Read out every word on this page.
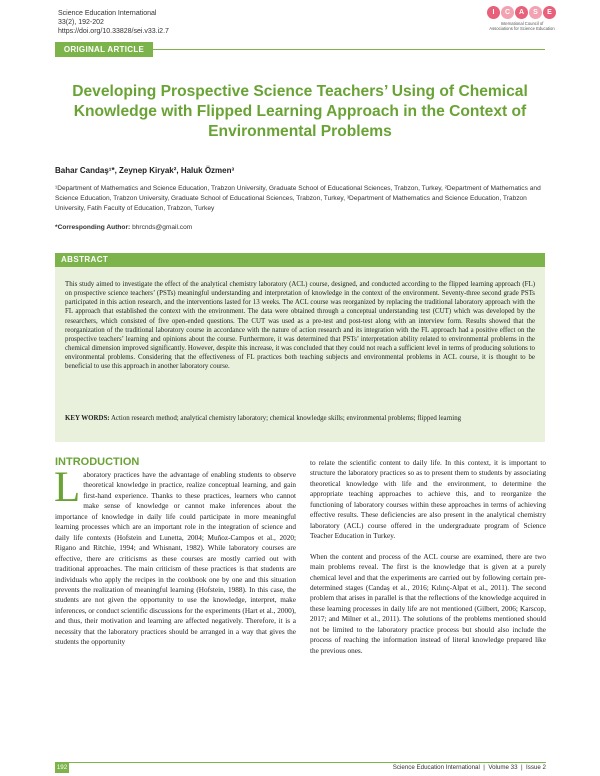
Science Education International
33(2), 192-202
https://doi.org/10.33828/sei.v33.i2.7
I	C	A	S	E
International Council of
Associations for Science Education
ORIGINAL ARTICLE
Developing Prospective Science Teachers’ Using of Chemical Knowledge with Flipped Learning Approach in the Context of Environmental Problems
Bahar Candaş¹*, Zeynep Kiryak², Haluk Özmen³
¹Department of Mathematics and Science Education, Trabzon University, Graduate School of Educational Sciences, Trabzon, Turkey, ²Department of Mathematics and Science Education, Trabzon University, Graduate School of Educational Sciences, Trabzon, Turkey, ³Department of Mathematics and Science Education, Trabzon University, Fatih Faculty of Education, Trabzon, Turkey
*Corresponding Author: bhrcnds@gmail.com
ABSTRACT

This study aimed to investigate the effect of the analytical chemistry laboratory (ACL) course, designed, and conducted according to the flipped learning approach (FL) on prospective science teachers’ (PSTs) meaningful understanding and interpretation of knowledge in the context of the environment. Seventy-three second grade PSTs participated in this action research, and the interventions lasted for 13 weeks. The ACL course was reorganized by replacing the traditional laboratory approach with the FL approach that established the context with the environment. The data were obtained through a conceptual understanding test (CUT) which was developed by the researchers, which consisted of five open-ended questions. The CUT was used as a pre-test and post-test along with an interview form. Results showed that the reorganization of the traditional laboratory course in accordance with the nature of action research and its integration with the FL approach had a positive effect on the prospective teachers’ learning and opinions about the course. Furthermore, it was determined that PSTs’ interpretation ability related to environmental problems in the chemical dimension improved significantly. However, despite this increase, it was concluded that they could not reach a sufficient level in terms of producing solutions to environmental problems. Considering that the effectiveness of FL practices both teaching subjects and environmental problems in ACL course, it is thought to be beneficial to use this approach in another laboratory course.

KEY WORDS: Action research method; analytical chemistry laboratory; chemical knowledge skills; environmental problems; flipped learning

INTRODUCTION

Laboratory practices have the advantage of enabling students to observe theoretical knowledge in practice, realize conceptual learning, and gain first-hand experience. Thanks to these practices, learners who cannot make sense of knowledge or cannot make inferences about the importance of knowledge in daily life could participate in more meaningful learning processes which are an important role in the integration of science and daily life contexts (Hofstein and Lunetta, 2004; Muñoz-Campos et al., 2020; Rigano and Ritchie, 1994; and Whisnant, 1982). While laboratory courses are effective, there are criticisms as these courses are mostly carried out with traditional approaches. The main criticism of these practices is that students are individuals who apply the recipes in the cookbook one by one and this situation prevents the realization of meaningful learning (Hofstein, 1988). In this case, the students are not given the opportunity to use the knowledge, interpret, make inferences, or conduct scientific discussions for the experiments (Hart et al., 2000), and thus, their motivation and learning are affected negatively. Therefore, it is a necessity that the laboratory practices should be arranged in a way that gives the students the opportunity

to relate the scientific content to daily life. In this context, it is important to structure the laboratory practices so as to present them to students by associating theoretical knowledge with life and the environment, to determine the appropriate teaching approaches to achieve this, and to reorganize the functioning of laboratory courses within these approaches in terms of achieving effective results. These deficiencies are also present in the analytical chemistry laboratory (ACL) course offered in the undergraduate program of Science Teacher Education in Turkey.

When the content and process of the ACL course are examined, there are two main problems reveal. The first is the knowledge that is given at a purely chemical level and that the experiments are carried out by following certain pre-determined stages (Candaş et al., 2016; Kılınç-Alpat et al., 2011). The second problem that arises in parallel is that the reflections of the knowledge acquired in these learning processes in daily life are not mentioned (Gilbert, 2006; Karscop, 2017; and Milner et al., 2011). The solutions of the problems mentioned should not be limited to the laboratory practice process but should also include the process of reaching the information instead of literal knowledge prepared like the previous ones.

192	Science Education International  |  Volume 33  |  Issue 2
